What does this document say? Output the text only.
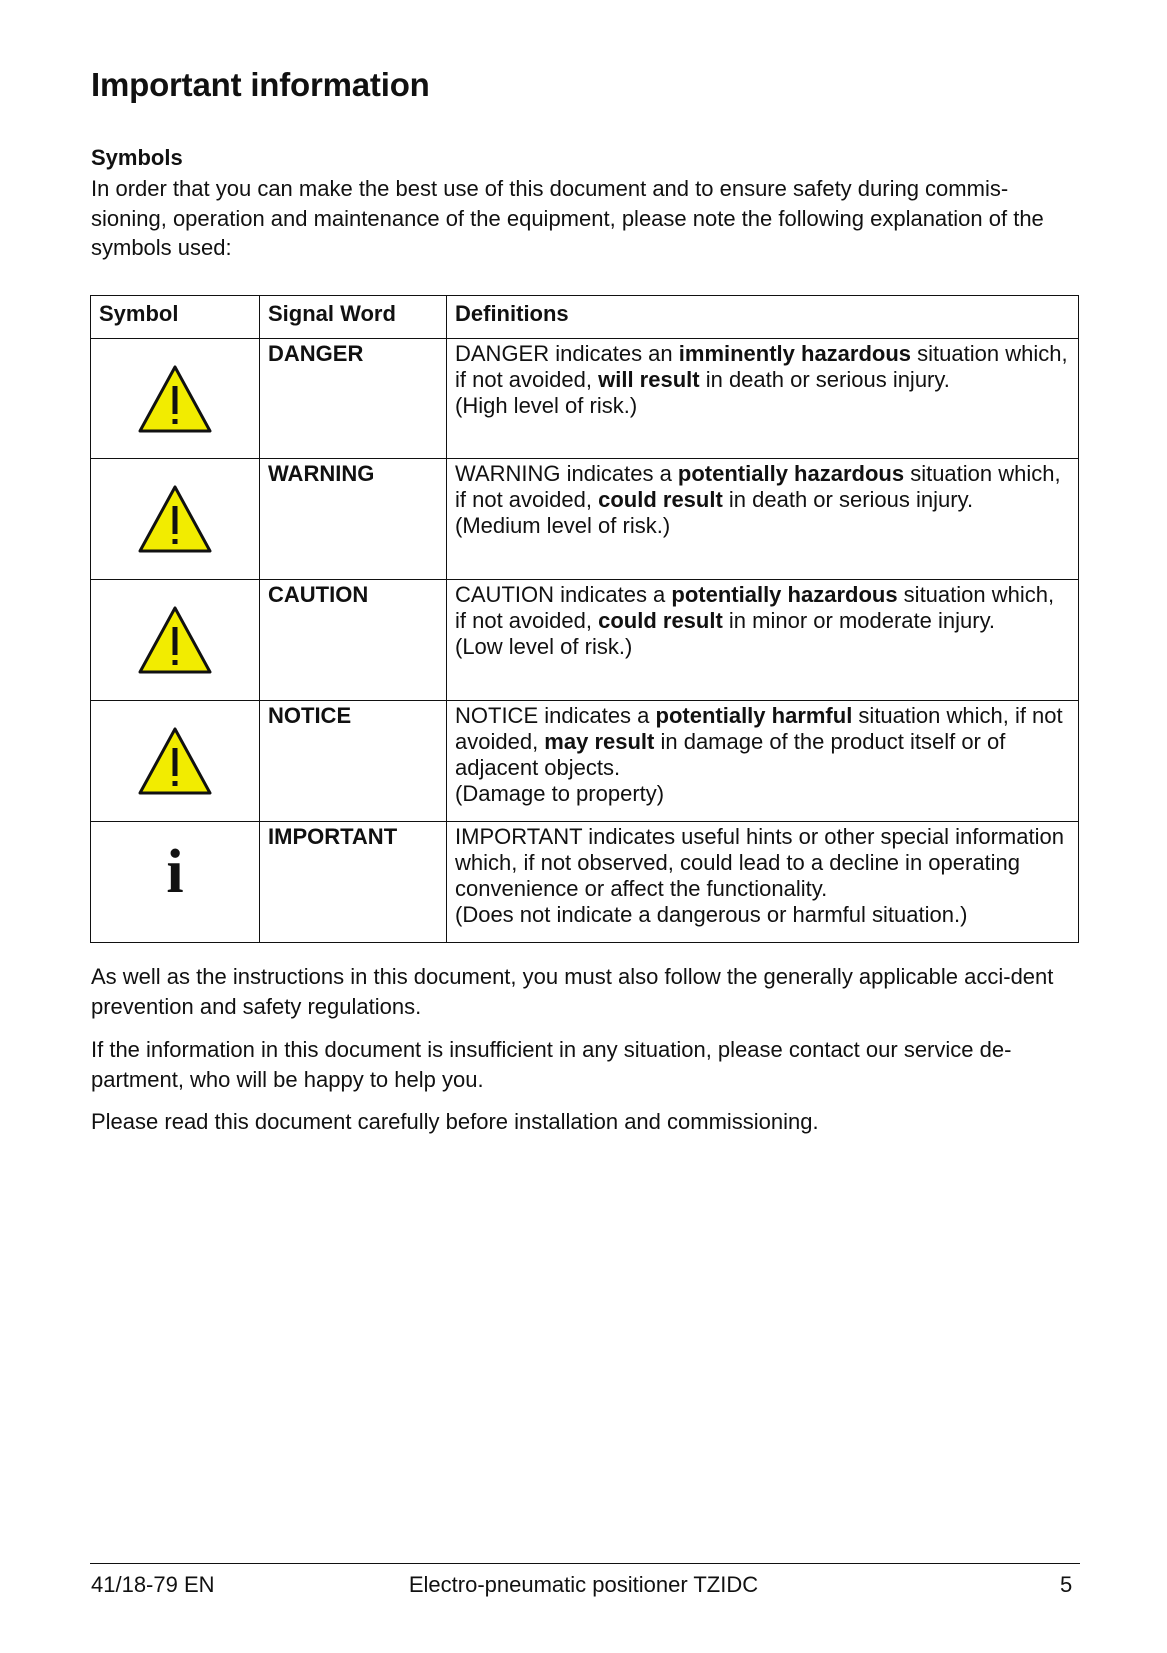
Important information
Symbols

In order that you can make the best use of this document and to ensure safety during commis-sioning, operation and maintenance of the equipment, please note the following explanation of the symbols used:

Symbol	Signal Word	Definitions

	DANGER	DANGER indicates an imminently hazardous situation which, if not avoided, will result in death or serious injury.
(High level of risk.)

	WARNING	WARNING indicates a potentially hazardous situation which, if not avoided, could result in death or serious injury.
(Medium level of risk.)

	CAUTION	CAUTION indicates a potentially hazardous situation which, if not avoided, could result in minor or moderate injury.
(Low level of risk.)

	NOTICE	NOTICE indicates a potentially harmful situation which, if not avoided, may result in damage of the product itself or of adjacent objects.
(Damage to property)
i	IMPORTANT	IMPORTANT indicates useful hints or other special information which, if not observed, could lead to a decline in operating convenience or affect the functionality.
(Does not indicate a dangerous or harmful situation.)

As well as the instructions in this document, you must also follow the generally applicable acci-dent prevention and safety regulations.

If the information in this document is insufficient in any situation, please contact our service de-partment, who will be happy to help you.

Please read this document carefully before installation and commissioning.

41/18-79 EN	Electro-pneumatic positioner TZIDC	5
